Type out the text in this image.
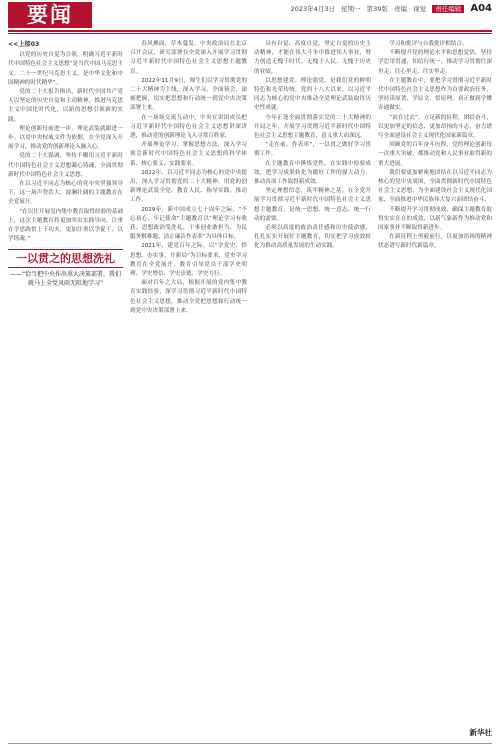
要闻	2023年4月3日 星期一 第39版 责编 · 视觉 责任编辑 A04
<<上接03

以党的历史自觉为引领，明确习近平新时代中国特色社会主义思想“是当代中国马克思主义、二十一世纪马克思主义，是中华文化和中国精神的时代精华”。

党的二十大报告指出，新时代中国共产党人以坚定的历史自觉和主动精神，推进马克思主义中国化时代化，以新的思想引领新的实践。

理论创新每前进一步，理论武装就跟进一步。以党中央权威文件为依据，在全党深入开展学习，推动党的创新理论入脑入心。

党的二十大强调，坚持不懈用习近平新时代中国特色社会主义思想凝心铸魂，全面贯彻新时代中国特色社会主义思想。

在以习近平同志为核心的党中央坚强领导下，这一场声势浩大、波澜壮阔的主题教育在全党展开。

“在以往开展党内集中教育取得经验的基础上，这次主题教育将更加突出实践导向，注重在学思践悟上下功夫，更加注重以学促干、以学铸魂。”

一以贯之的思想洗礼
——“恰当把中央作出重大决策部署，我们就马上全党风雨无阻地学习”

春风拂面，草木蔓发。中央政治局在北京召开会议，研究部署在全党深入开展学习贯彻习近平新时代中国特色社会主义思想主题教育。

2022年11月9日，师生们以学习贯彻党的二十大精神为主线，深入学习、全面领会、深刻把握，切实把思想和行动统一到党中央决策部署上来。

在一场场交流互动中，中央宣讲团成员把习近平新时代中国特色社会主义思想讲深讲透，推动党的创新理论飞入寻常百姓家。

开展理论学习，掌握思想方法，深入学习领会新时代中国特色社会主义思想的科学体系、核心要义、实践要求。

2022年，以习近平同志为核心的党中央提出，深入学习贯彻党的二十大精神，用党的创新理论武装全党、教育人民、指导实践、推动工作。

2019年，新中国成立七十周年之际，“不忘初心、牢记使命”主题教育以“理论学习有收获、思想政治受洗礼、干事创业敢担当、为民服务解难题、清正廉洁作表率”为具体目标。

2021年，建党百年之际，以“学党史、悟思想、办实事、开新局”为目标要求，党史学习教育在全党展开，教育引导党员干部学史明理、学史增信、学史崇德、学史力行。

面对百年之大局，根据开展的党内集中教育实践经验，深学习贯彻习近平新时代中国特色社会主义思想，推动全党把思想和行动统一到党中央决策部署上来。

具有自觉、高度自觉、坚定自觉的历史主动精神，才能在伟大斗争中推进伟大事业，努力创造无愧于时代、无愧于人民、无愧于历史的业绩。

以思想建党、理论强党，是我们党的鲜明特色和光荣传统。党的十八大以来，以习近平同志为核心的党中央推动全党理论武装取得历史性成就。

今年正逢全面贯彻落实党的二十大精神的开局之年，开展学习贯彻习近平新时代中国特色社会主义思想主题教育，意义重大而深远。

“走在前、作表率”，一以贯之做好学习贯彻工作。

在主题教育中锤炼党性，在实践中检验成效，把学习成果转化为做好工作的强大动力，推动各项工作取得新成效。

坚定理想信念，筑牢精神之基。在全党开展学习贯彻习近平新时代中国特色社会主义思想主题教育，是统一思想、统一意志、统一行动的需要。

必须以高度的政治责任感和历史使命感，扎扎实实开展好主题教育，切实把学习成效转化为推动高质量发展的生动实践。

学习和批评与自我批评相结合。

不断提升党的理论水平和思想觉悟，坚持学思用贯通、知信行统一，推动学习贯彻往深里走、往心里走、往实里走。

在主题教育中，要把学习贯彻习近平新时代中国特色社会主义思想作为首要政治任务，坚持读原著、学原文、悟原理，真正做到学懂弄通做实。

“站在过去”，立足新的征程，团结奋斗，以更加坚定的信念、更加昂扬的斗志，奋力谱写全面建设社会主义现代化国家新篇章。

回顾党的百年奋斗历程，党的理论创新每一次重大突破，都推动党和人民事业取得新的重大进展。

我们要更加紧密地团结在以习近平同志为核心的党中央周围，全面贯彻新时代中国特色社会主义思想，为全面建设社会主义现代化国家、全面推进中华民族伟大复兴而团结奋斗。

不断提升学习贯彻成效，确保主题教育取得实实在在的成效，以新气象新作为推动党和国家事业不断取得新进步。

在新征程上勇毅前行，以更加昂扬的精神状态谱写新时代新篇章。

新华社
